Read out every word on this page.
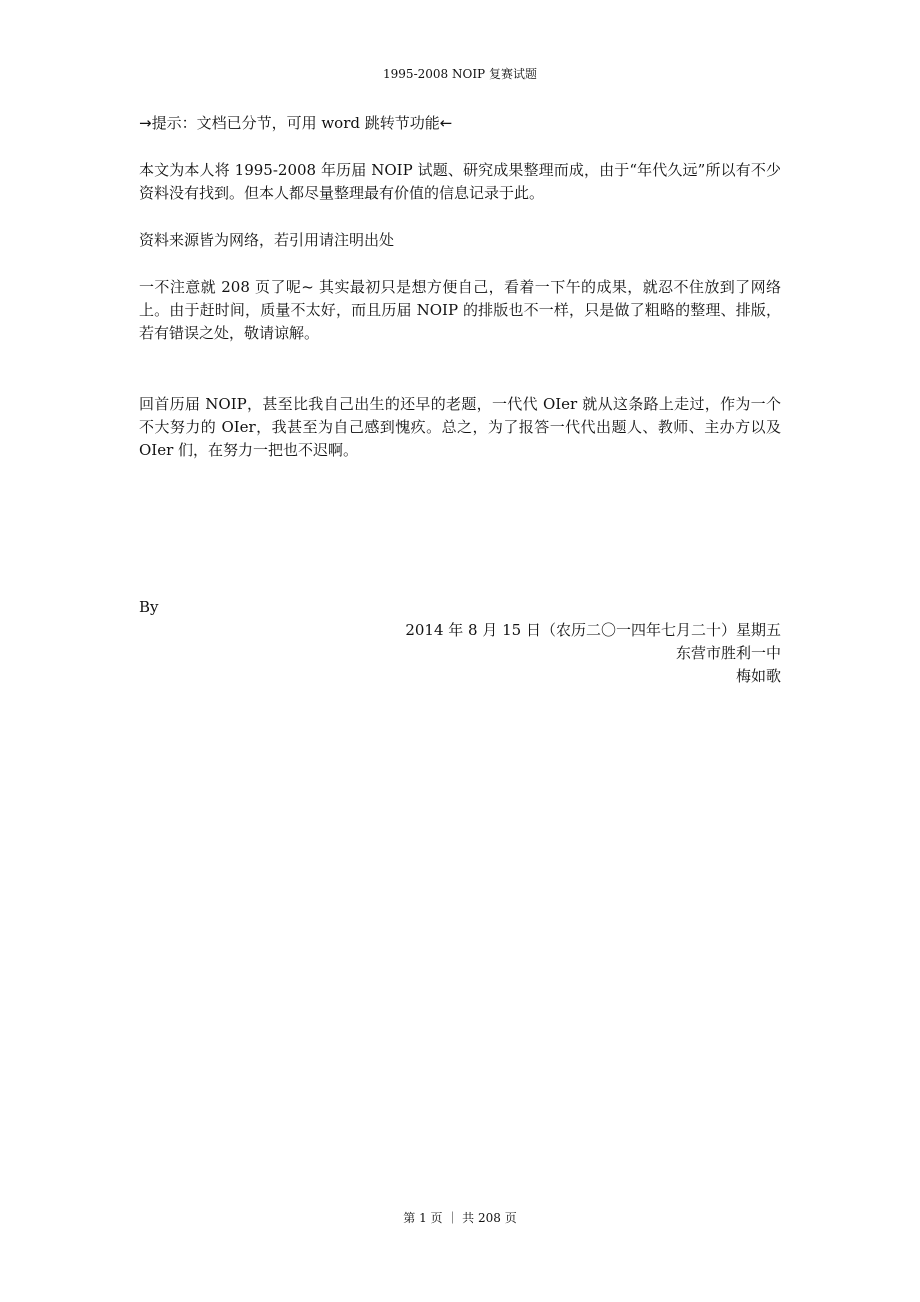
1995-2008 NOIP 复赛试题
→ 提示：文档已分节，可用 word 跳转节功能 ←

本文为本人将 1995-2008 年历届 NOIP 试题、研究成果整理而成，由于“年代久远”所以有不少资料没有找到。但本人都尽量整理最有价值的信息记录于此。

资料来源皆为网络，若引用请注明出处

一不注意就 208 页了呢~ 其实最初只是想方便自己，看着一下午的成果，就忍不住放到了网络上。由于赶时间，质量不太好，而且历届 NOIP 的排版也不一样，只是做了粗略的整理、排版，若有错误之处，敬请谅解。

回首历届 NOIP，甚至比我自己出生的还早的老题，一代代 OIer 就从这条路上走过，作为一个不大努力的 OIer，我甚至为自己感到愧疚。总之，为了报答一代代出题人、教师、主办方以及 OIer 们，在努力一把也不迟啊。

By
2014 年 8 月 15 日（农历二〇一四年七月二十）星期五
东营市胜利一中
梅如歌
第 1 页 ｜ 共 208 页
